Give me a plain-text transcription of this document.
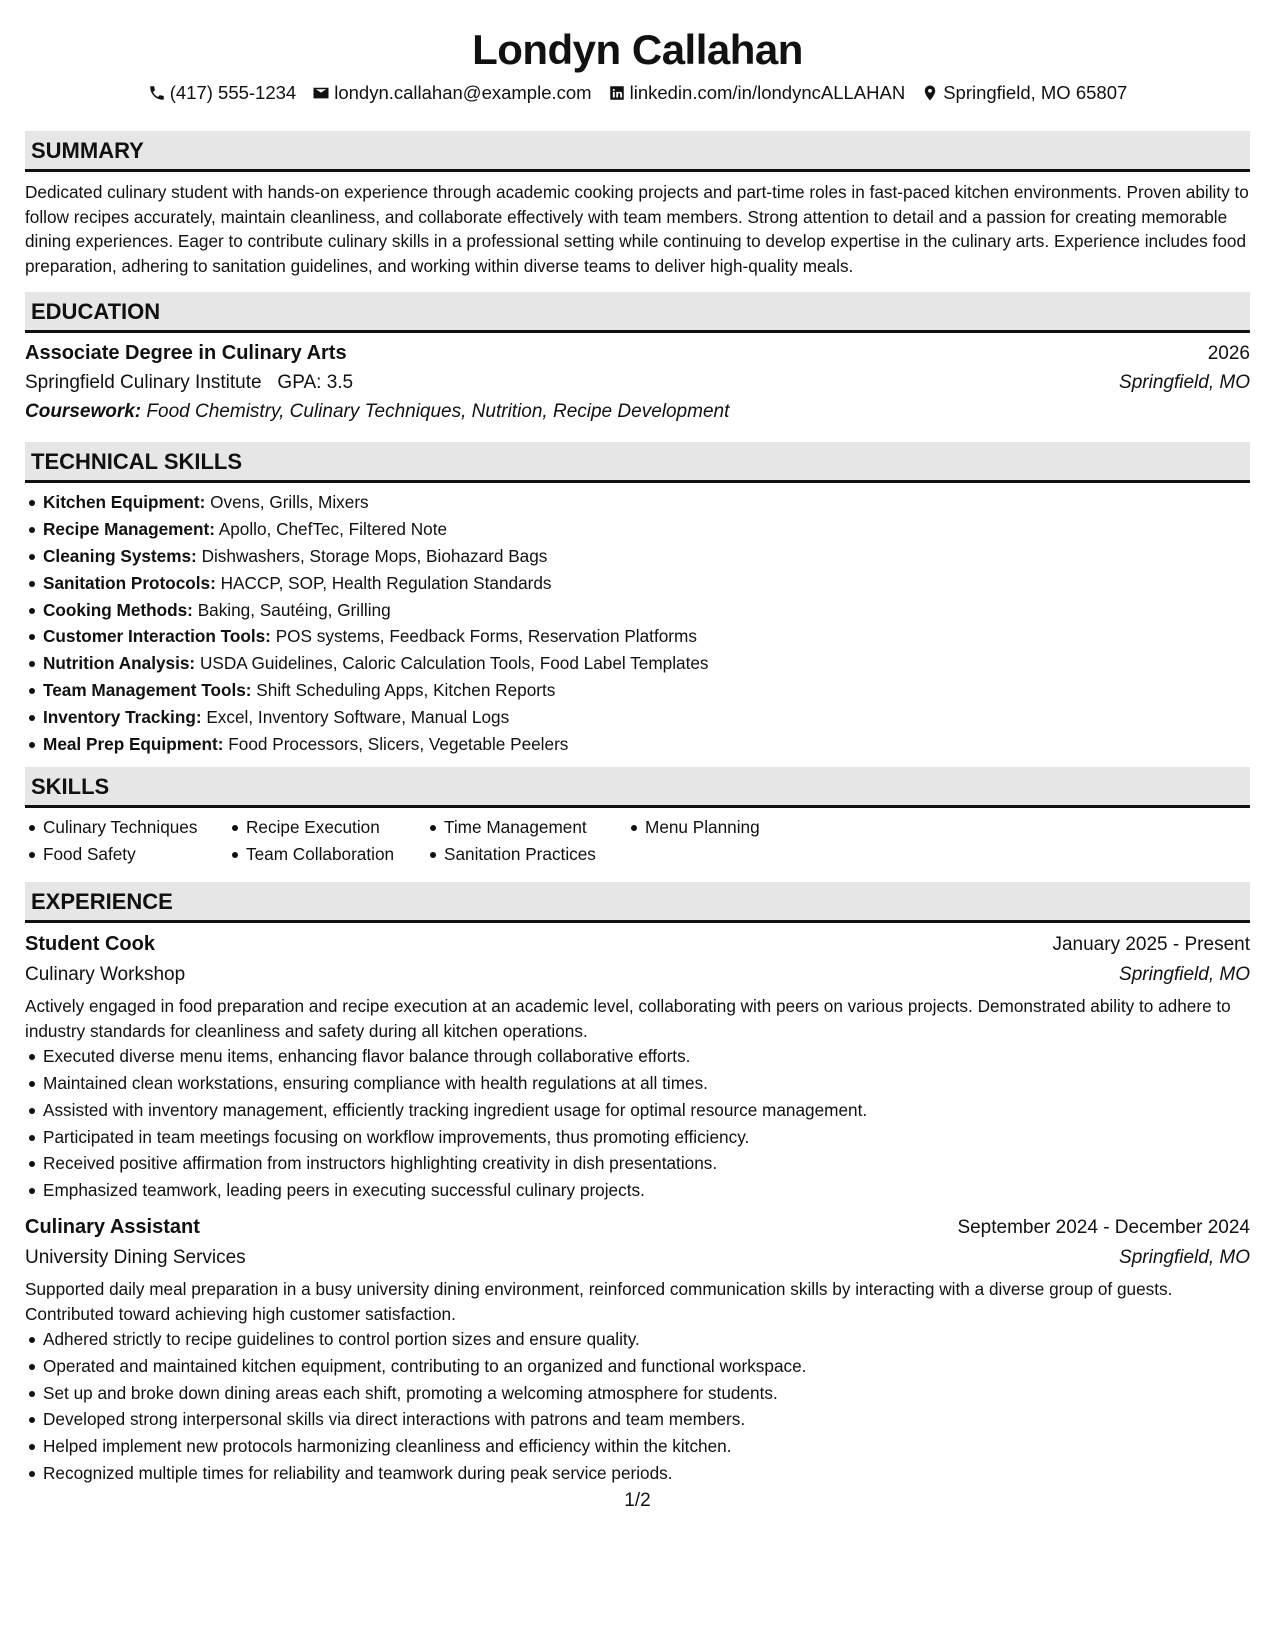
Londyn Callahan
(417) 555-1234 londyn.callahan@example.com linkedin.com/in/londyncALLAHAN Springfield, MO 65807
SUMMARY
Dedicated culinary student with hands-on experience through academic cooking projects and part-time roles in fast-paced kitchen environments. Proven ability to follow recipes accurately, maintain cleanliness, and collaborate effectively with team members. Strong attention to detail and a passion for creating memorable dining experiences. Eager to contribute culinary skills in a professional setting while continuing to develop expertise in the culinary arts. Experience includes food preparation, adhering to sanitation guidelines, and working within diverse teams to deliver high-quality meals.
EDUCATION
Associate Degree in Culinary Arts	2026
Springfield Culinary Institute GPA: 3.5	Springfield, MO
Coursework: Food Chemistry, Culinary Techniques, Nutrition, Recipe Development
TECHNICAL SKILLS
Kitchen Equipment: Ovens, Grills, Mixers
Recipe Management: Apollo, ChefTec, Filtered Note
Cleaning Systems: Dishwashers, Storage Mops, Biohazard Bags
Sanitation Protocols: HACCP, SOP, Health Regulation Standards
Cooking Methods: Baking, Sautéing, Grilling
Customer Interaction Tools: POS systems, Feedback Forms, Reservation Platforms
Nutrition Analysis: USDA Guidelines, Caloric Calculation Tools, Food Label Templates
Team Management Tools: Shift Scheduling Apps, Kitchen Reports
Inventory Tracking: Excel, Inventory Software, Manual Logs
Meal Prep Equipment: Food Processors, Slicers, Vegetable Peelers
SKILLS
Culinary Techniques	Recipe Execution	Time Management	Menu Planning
Food Safety	Team Collaboration	Sanitation Practices
EXPERIENCE
Student Cook	January 2025 - Present
Culinary Workshop	Springfield, MO
Actively engaged in food preparation and recipe execution at an academic level, collaborating with peers on various projects. Demonstrated ability to adhere to industry standards for cleanliness and safety during all kitchen operations.
Executed diverse menu items, enhancing flavor balance through collaborative efforts.
Maintained clean workstations, ensuring compliance with health regulations at all times.
Assisted with inventory management, efficiently tracking ingredient usage for optimal resource management.
Participated in team meetings focusing on workflow improvements, thus promoting efficiency.
Received positive affirmation from instructors highlighting creativity in dish presentations.
Emphasized teamwork, leading peers in executing successful culinary projects.
Culinary Assistant	September 2024 - December 2024
University Dining Services	Springfield, MO
Supported daily meal preparation in a busy university dining environment, reinforced communication skills by interacting with a diverse group of guests. Contributed toward achieving high customer satisfaction.
Adhered strictly to recipe guidelines to control portion sizes and ensure quality.
Operated and maintained kitchen equipment, contributing to an organized and functional workspace.
Set up and broke down dining areas each shift, promoting a welcoming atmosphere for students.
Developed strong interpersonal skills via direct interactions with patrons and team members.
Helped implement new protocols harmonizing cleanliness and efficiency within the kitchen.
Recognized multiple times for reliability and teamwork during peak service periods.
1/2
